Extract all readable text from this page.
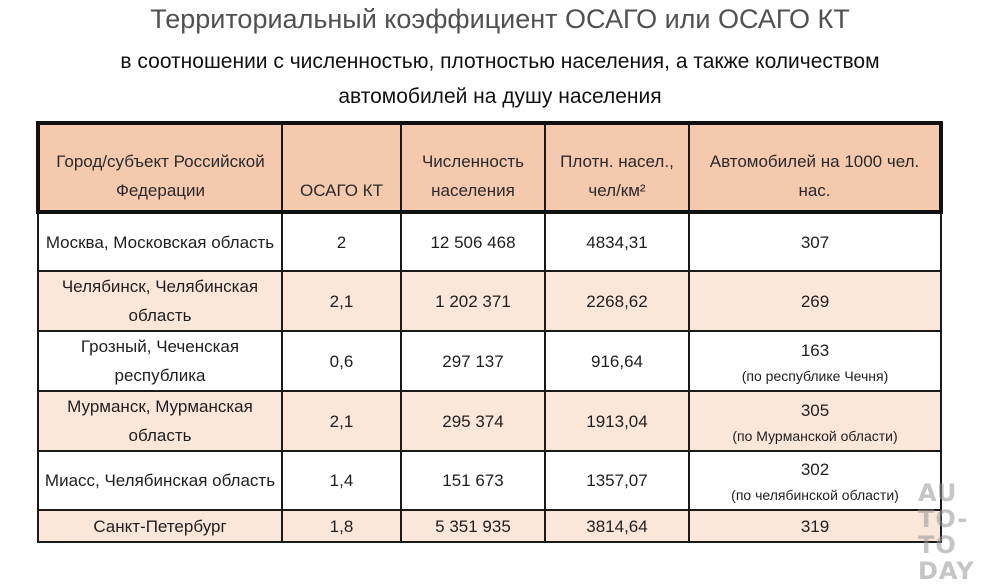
Территориальный коэффициент ОСАГО или ОСАГО КТ
в соотношении с численностью, плотностью населения, а также количеством
автомобилей на душу населения
Город/субъект Российской Федерации	ОСАГО КТ	Численность населения	Плотн. насел., чел/км²	Автомобилей на 1000 чел. нас.
Москва, Московская область	2	12 506 468	4834,31	307
Челябинск, Челябинская область	2,1	1 202 371	2268,62	269
Грозный, Чеченская республика	0,6	297 137	916,64	163
(по республике Чечня)

Мурманск, Мурманская область	2,1	295 374	1913,04	305
(по Мурманской области)

Миасс, Челябинская область	1,4	151 673	1357,07	302
(по челябинской области)

Санкт-Петербург	1,8	5 351 935	3814,64	319
AU
TO-TO
DAY
